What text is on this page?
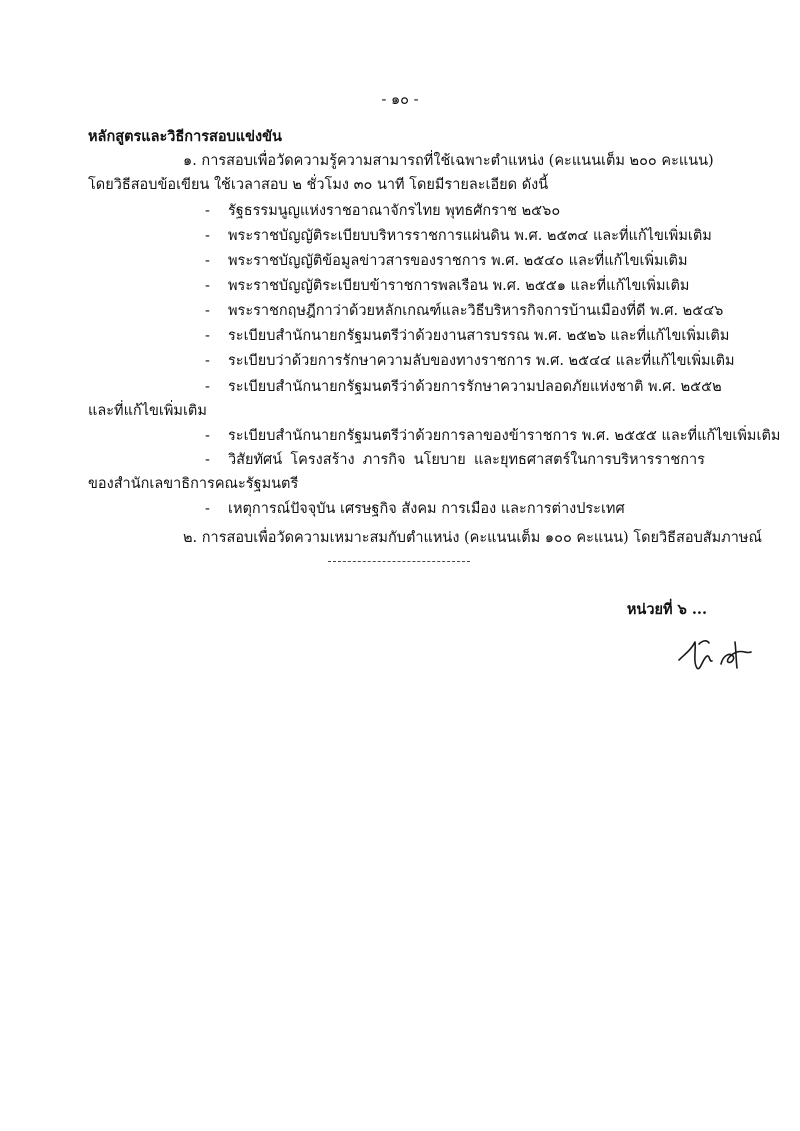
- ๑๐ -
หลักสูตรและวิธีการสอบแข่งขัน
๑. การสอบเพื่อวัดความรู้ความสามารถที่ใช้เฉพาะตำแหน่ง (คะแนนเต็ม ๒๐๐ คะแนน)
โดยวิธีสอบข้อเขียน ใช้เวลาสอบ ๒ ชั่วโมง ๓๐ นาที โดยมีรายละเอียด ดังนี้
- รัฐธรรมนูญแห่งราชอาณาจักรไทย พุทธศักราช ๒๕๖๐
- พระราชบัญญัติระเบียบบริหารราชการแผ่นดิน พ.ศ. ๒๕๓๔ และที่แก้ไขเพิ่มเติม
- พระราชบัญญัติข้อมูลข่าวสารของราชการ พ.ศ. ๒๕๔๐ และที่แก้ไขเพิ่มเติม
- พระราชบัญญัติระเบียบข้าราชการพลเรือน พ.ศ. ๒๕๕๑ และที่แก้ไขเพิ่มเติม
- พระราชกฤษฎีกาว่าด้วยหลักเกณฑ์และวิธีบริหารกิจการบ้านเมืองที่ดี พ.ศ. ๒๕๔๖
- ระเบียบสำนักนายกรัฐมนตรีว่าด้วยงานสารบรรณ พ.ศ. ๒๕๒๖ และที่แก้ไขเพิ่มเติม
- ระเบียบว่าด้วยการรักษาความลับของทางราชการ พ.ศ. ๒๕๔๔ และที่แก้ไขเพิ่มเติม
- ระเบียบสำนักนายกรัฐมนตรีว่าด้วยการรักษาความปลอดภัยแห่งชาติ พ.ศ. ๒๕๕๒
และที่แก้ไขเพิ่มเติม
- ระเบียบสำนักนายกรัฐมนตรีว่าด้วยการลาของข้าราชการ พ.ศ. ๒๕๕๕ และที่แก้ไขเพิ่มเติม
- วิสัยทัศน์ โครงสร้าง ภารกิจ นโยบาย และยุทธศาสตร์ในการบริหารราชการ
ของสำนักเลขาธิการคณะรัฐมนตรี
- เหตุการณ์ปัจจุบัน เศรษฐกิจ สังคม การเมือง และการต่างประเทศ
๒. การสอบเพื่อวัดความเหมาะสมกับตำแหน่ง (คะแนนเต็ม ๑๐๐ คะแนน) โดยวิธีสอบสัมภาษณ์
หน่วยที่ ๖ ...
